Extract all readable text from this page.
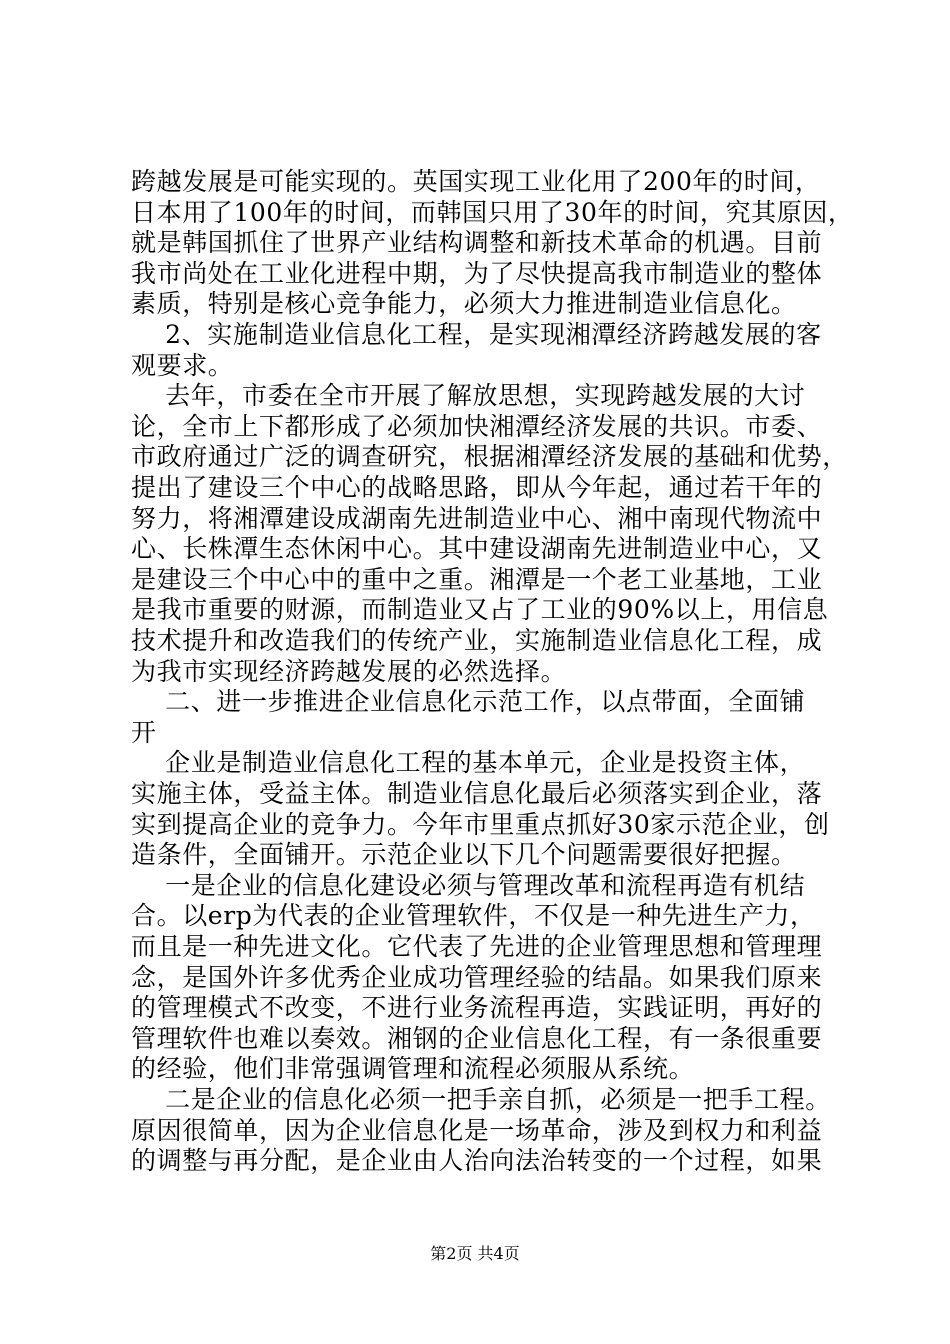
跨越发展是可能实现的。英国实现工业化用了200年的时间，
日本用了100年的时间，而韩国只用了30年的时间，究其原因，
就是韩国抓住了世界产业结构调整和新技术革命的机遇。目前
我市尚处在工业化进程中期，为了尽快提高我市制造业的整体
素质，特别是核心竞争能力，必须大力推进制造业信息化。
2、实施制造业信息化工程，是实现湘潭经济跨越发展的客
观要求。
去年，市委在全市开展了解放思想，实现跨越发展的大讨
论，全市上下都形成了必须加快湘潭经济发展的共识。市委、
市政府通过广泛的调查研究，根据湘潭经济发展的基础和优势，
提出了建设三个中心的战略思路，即从今年起，通过若干年的
努力，将湘潭建设成湖南先进制造业中心、湘中南现代物流中
心、长株潭生态休闲中心。其中建设湖南先进制造业中心，又
是建设三个中心中的重中之重。湘潭是一个老工业基地，工业
是我市重要的财源，而制造业又占了工业的90%以上，用信息
技术提升和改造我们的传统产业，实施制造业信息化工程，成
为我市实现经济跨越发展的必然选择。
二、进一步推进企业信息化示范工作，以点带面，全面铺
开
企业是制造业信息化工程的基本单元，企业是投资主体，
实施主体，受益主体。制造业信息化最后必须落实到企业，落
实到提高企业的竞争力。今年市里重点抓好30家示范企业，创
造条件，全面铺开。示范企业以下几个问题需要很好把握。
一是企业的信息化建设必须与管理改革和流程再造有机结
合。以erp为代表的企业管理软件，不仅是一种先进生产力，
而且是一种先进文化。它代表了先进的企业管理思想和管理理
念，是国外许多优秀企业成功管理经验的结晶。如果我们原来
的管理模式不改变，不进行业务流程再造，实践证明，再好的
管理软件也难以奏效。湘钢的企业信息化工程，有一条很重要
的经验，他们非常强调管理和流程必须服从系统。
二是企业的信息化必须一把手亲自抓，必须是一把手工程。
原因很简单，因为企业信息化是一场革命，涉及到权力和利益
的调整与再分配，是企业由人治向法治转变的一个过程，如果
第2页 共4页
